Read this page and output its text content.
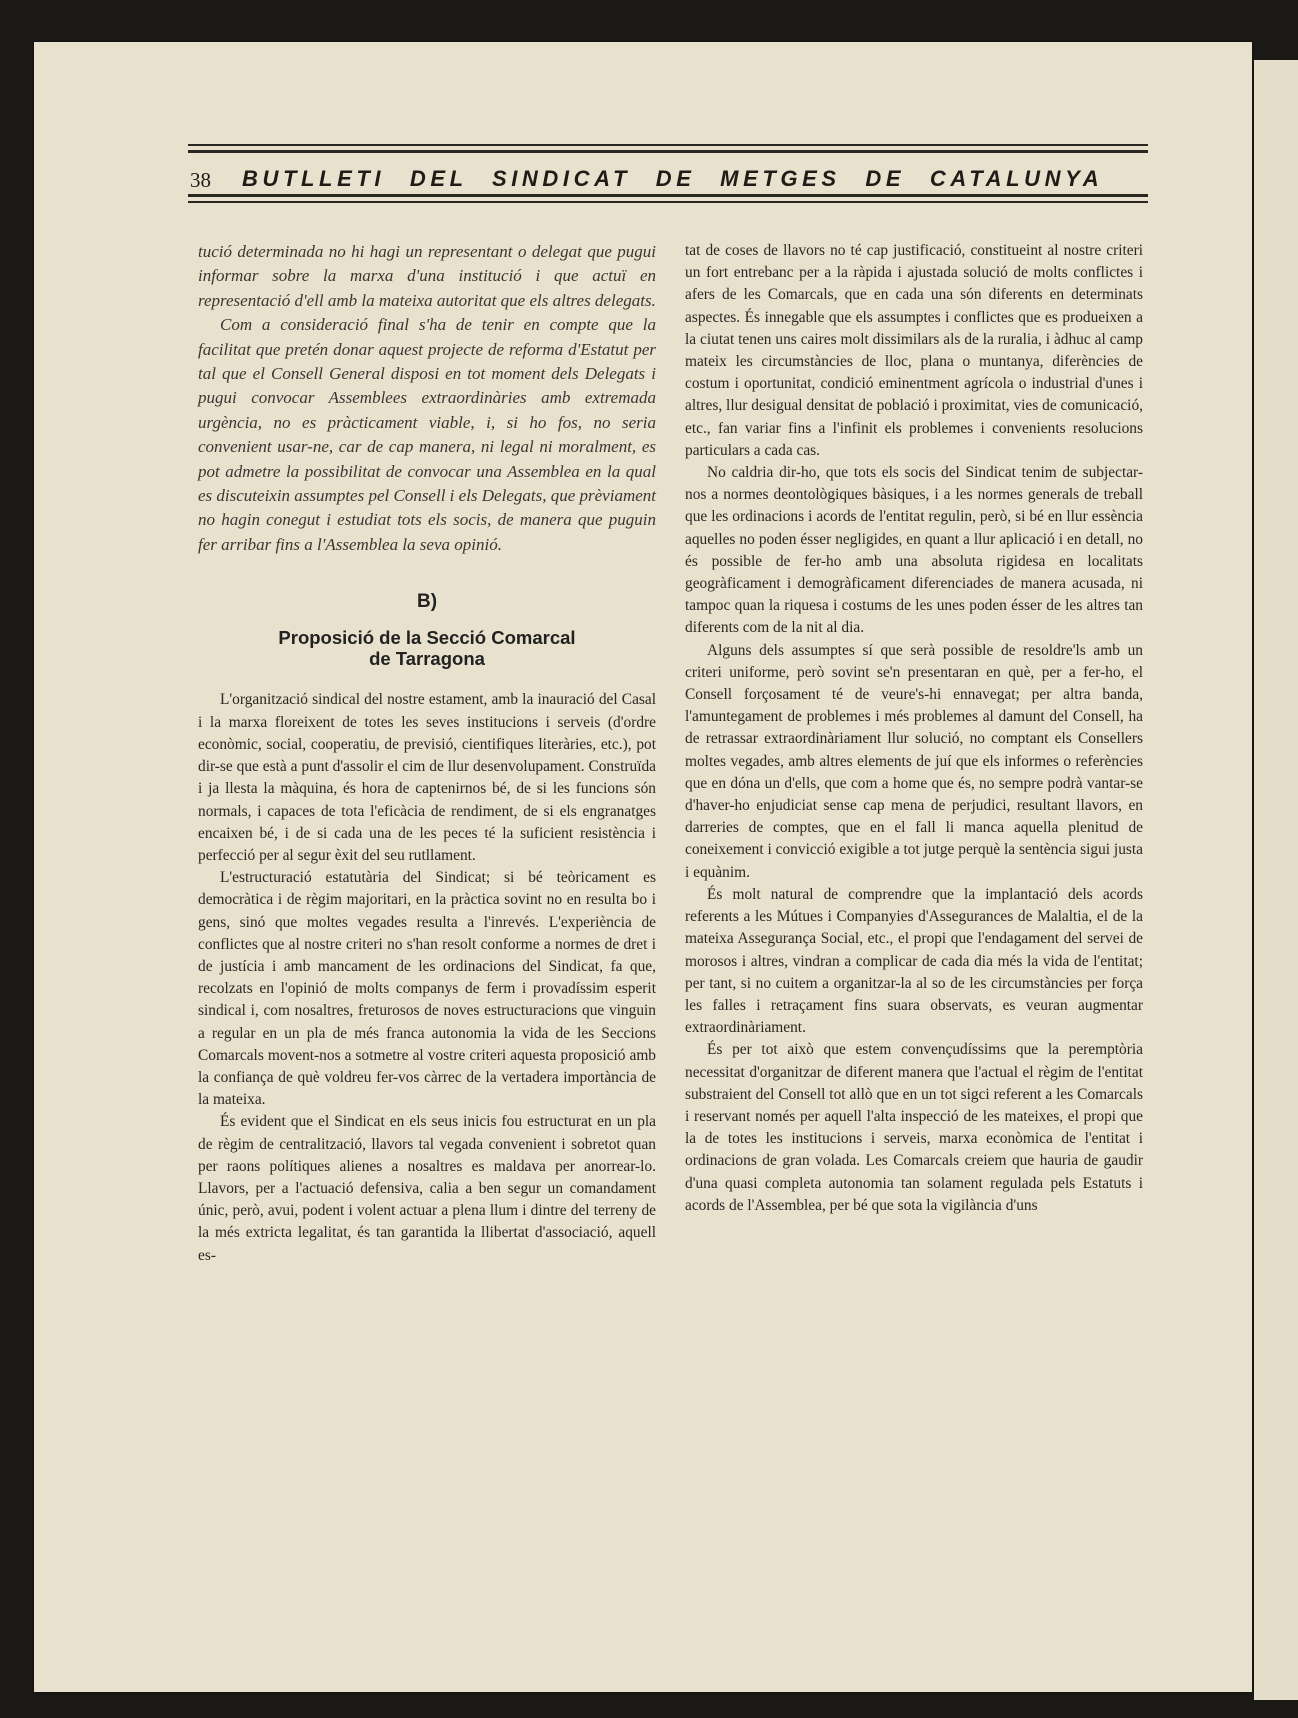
38 BUTLLETI DEL SINDICAT DE METGES DE CATALUNYA

tució determinada no hi hagi un representant o delegat que pugui informar sobre la marxa d'una institució i que actuï en representació d'ell amb la mateixa autoritat que els altres delegats.

Com a consideració final s'ha de tenir en compte que la facilitat que pretén donar aquest projecte de reforma d'Estatut per tal que el Consell General disposi en tot moment dels Delegats i pugui convocar Assemblees extraordinàries amb extremada urgència, no es pràcticament viable, i, si ho fos, no seria convenient usar-ne, car de cap manera, ni legal ni moralment, es pot admetre la possibilitat de convocar una Assemblea en la qual es discuteixin assumptes pel Consell i els Delegats, que prèviament no hagin conegut i estudiat tots els socis, de manera que puguin fer arribar fins a l'Assemblea la seva opinió.

B)
Proposició de la Secció Comarcal
de Tarragona

L'organització sindical del nostre estament, amb la inauració del Casal i la marxa floreixent de totes les seves institucions i serveis (d'ordre econòmic, social, cooperatiu, de previsió, cientifiques literàries, etc.), pot dir-se que està a punt d'assolir el cim de llur desenvolupament. Construïda i ja llesta la màquina, és hora de captenirnos bé, de si les funcions són normals, i capaces de tota l'eficàcia de rendiment, de si els engranatges encaixen bé, i de si cada una de les peces té la suficient resistència i perfecció per al segur èxit del seu rutllament.

L'estructuració estatutària del Sindicat; si bé teòricament es democràtica i de règim majoritari, en la pràctica sovint no en resulta bo i gens, sinó que moltes vegades resulta a l'inrevés. L'experiència de conflictes que al nostre criteri no s'han resolt conforme a normes de dret i de justícia i amb mancament de les ordinacions del Sindicat, fa que, recolzats en l'opinió de molts companys de ferm i provadíssim esperit sindical i, com nosaltres, freturosos de noves estructuracions que vinguin a regular en un pla de més franca autonomia la vida de les Seccions Comarcals movent-nos a sotmetre al vostre criteri aquesta proposició amb la confiança de què voldreu fer-vos càrrec de la vertadera importància de la mateixa.

És evident que el Sindicat en els seus inicis fou estructurat en un pla de règim de centralització, llavors tal vegada convenient i sobretot quan per raons polítiques alienes a nosaltres es maldava per anorrear-lo. Llavors, per a l'actuació defensiva, calia a ben segur un comandament únic, però, avui, podent i volent actuar a plena llum i dintre del terreny de la més extricta legalitat, és tan garantida la llibertat d'associació, aquell es-

tat de coses de llavors no té cap justificació, constitueint al nostre criteri un fort entrebanc per a la ràpida i ajustada solució de molts conflictes i afers de les Comarcals, que en cada una són diferents en determinats aspectes. És innegable que els assumptes i conflictes que es produeixen a la ciutat tenen uns caires molt dissimilars als de la ruralia, i àdhuc al camp mateix les circumstàncies de lloc, plana o muntanya, diferències de costum i oportunitat, condició eminentment agrícola o industrial d'unes i altres, llur desigual densitat de població i proximitat, vies de comunicació, etc., fan variar fins a l'infinit els problemes i convenients resolucions particulars a cada cas.

No caldria dir-ho, que tots els socis del Sindicat tenim de subjectar-nos a normes deontològiques bàsiques, i a les normes generals de treball que les ordinacions i acords de l'entitat regulin, però, si bé en llur essència aquelles no poden ésser negligides, en quant a llur aplicació i en detall, no és possible de fer-ho amb una absoluta rigidesa en localitats geogràficament i demogràficament diferenciades de manera acusada, ni tampoc quan la riquesa i costums de les unes poden ésser de les altres tan diferents com de la nit al dia.

Alguns dels assumptes sí que serà possible de resoldre'ls amb un criteri uniforme, però sovint se'n presentaran en què, per a fer-ho, el Consell forçosament té de veure's-hi ennavegat; per altra banda, l'amuntegament de problemes i més problemes al damunt del Consell, ha de retrassar extraordinàriament llur solució, no comptant els Consellers moltes vegades, amb altres elements de juí que els informes o referències que en dóna un d'ells, que com a home que és, no sempre podrà vantar-se d'haver-ho enjudiciat sense cap mena de perjudici, resultant llavors, en darreries de comptes, que en el fall li manca aquella plenitud de coneixement i convicció exigible a tot jutge perquè la sentència sigui justa i equànim.

És molt natural de comprendre que la implantació dels acords referents a les Mútues i Companyies d'Assegurances de Malaltia, el de la mateixa Assegurança Social, etc., el propi que l'endagament del servei de morosos i altres, vindran a complicar de cada dia més la vida de l'entitat; per tant, si no cuitem a organitzar-la al so de les circumstàncies per força les falles i retraçament fins suara observats, es veuran augmentar extraordinàriament.

És per tot això que estem convençudíssims que la peremptòria necessitat d'organitzar de diferent manera que l'actual el règim de l'entitat substraient del Consell tot allò que en un tot sigci referent a les Comarcals i reservant només per aquell l'alta inspecció de les mateixes, el propi que la de totes les institucions i serveis, marxa econòmica de l'entitat i ordinacions de gran volada. Les Comarcals creiem que hauria de gaudir d'una quasi completa autonomia tan solament regulada pels Estatuts i acords de l'Assemblea, per bé que sota la vigilància d'uns
